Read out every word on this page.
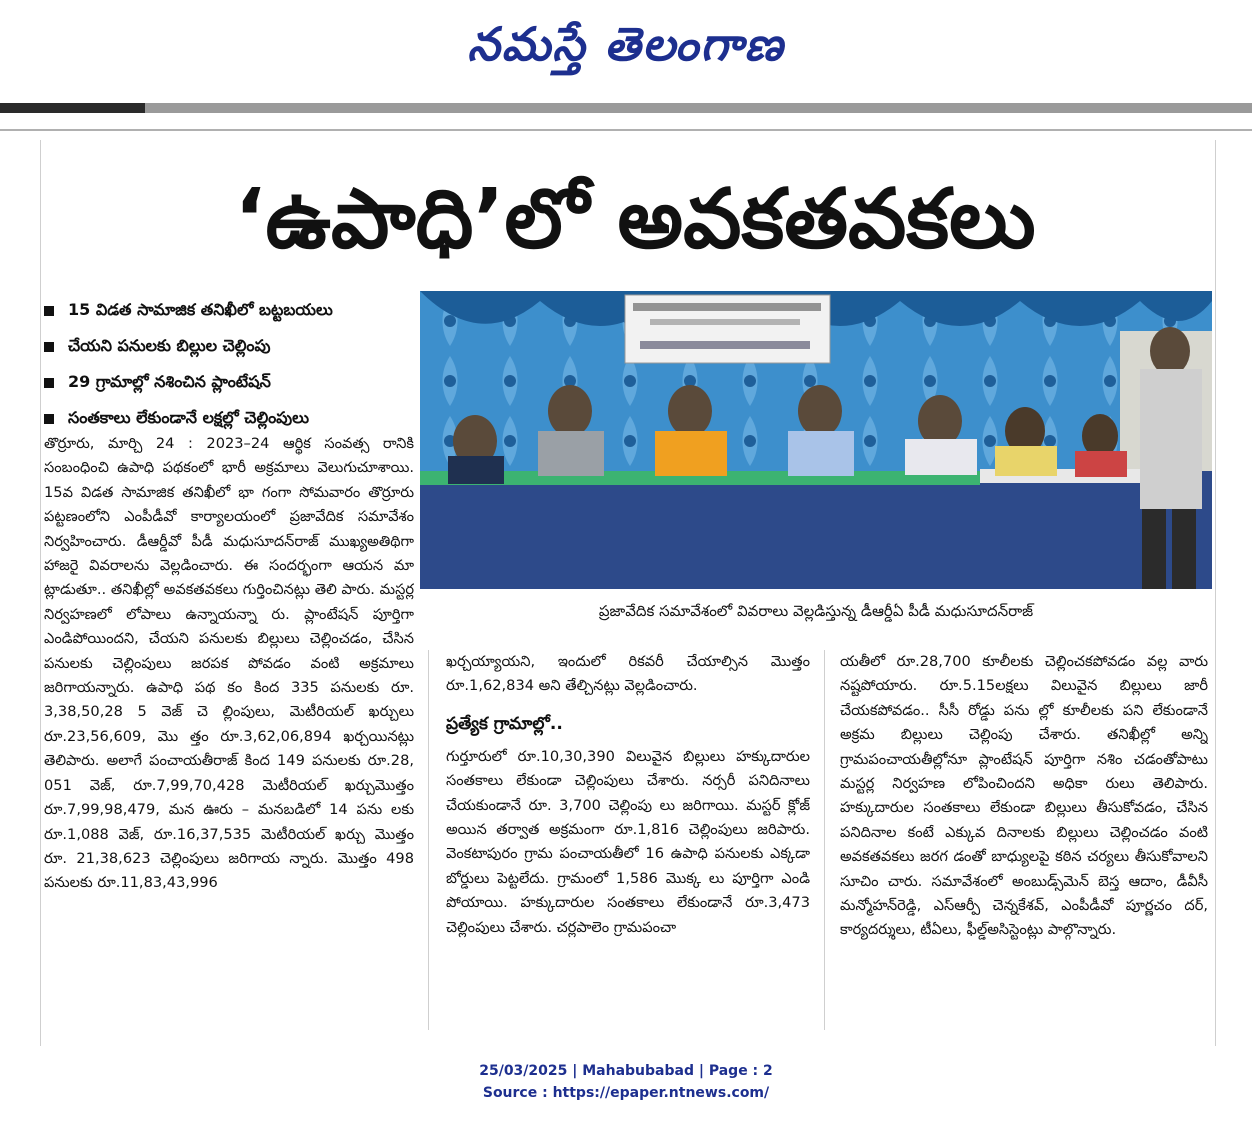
నమస్తే తెలంగాణ
‘ఉపాధి’లో అవకతవకలు
15 విడత సామాజిక తనిఖీలో బట్టబయలు
చేయని పనులకు బిల్లుల చెల్లింపు
29 గ్రామాల్లో నశించిన ప్లాంటేషన్
సంతకాలు లేకుండానే లక్షల్లో చెల్లింపులు
ప్రజావేదిక సమావేశంలో వివరాలు వెల్లడిస్తున్న డీఆర్డీఏ పీడీ మధుసూదన్‌రాజ్

తొర్రూరు, మార్చి 24 : 2023–24 ఆర్థిక సంవత్స రానికి సంబంధించి ఉపాధి పథకంలో భారీ అక్రమాలు వెలుగుచూశాయి. 15వ విడత సామాజిక తనిఖీలో భా గంగా సోమవారం తొర్రూరు పట్టణంలోని ఎంపీడీవో కార్యాలయంలో ప్రజావేదిక సమావేశం నిర్వహించారు. డీఆర్డీవో పీడీ మధుసూదన్‌రాజ్ ముఖ్యఅతిథిగా హాజరై వివరాలను వెల్లడించారు. ఈ సందర్భంగా ఆయన మా ట్లాడుతూ.. తనిఖీల్లో అవకతవకలు గుర్తించినట్లు తెలి పారు. మస్టర్ల నిర్వహణలో లోపాలు ఉన్నాయన్నా రు. ప్లాంటేషన్ పూర్తిగా ఎండిపోయిందని, చేయని పనులకు బిల్లులు చెల్లించడం, చేసిన పనులకు చెల్లింపులు జరపక పోవడం వంటి అక్రమాలు జరిగాయన్నారు. ఉపాధి పథ కం కింద 335 పనులకు రూ. 3,38,50,28 5 వెజ్ చె ల్లింపులు, మెటీరియల్ ఖర్చులు రూ.23,56,609, మొ త్తం రూ.3,62,06,894 ఖర్చయినట్లు తెలిపారు. అలాగే పంచాయతీరాజ్ కింద 149 పనులకు రూ.28, 051 వెజ్, రూ.7,99,70,428 మెటీరియల్ ఖర్చుమొత్తం రూ.7,99,98,479, మన ఊరు – మనబడిలో 14 పను లకు రూ.1,088 వెజ్, రూ.16,37,535 మెటీరియల్ ఖర్చు మొత్తం రూ. 21,38,623 చెల్లింపులు జరిగాయ న్నారు. మొత్తం 498 పనులకు రూ.11,83,43,996

ఖర్చయ్యాయని, ఇందులో రికవరీ చేయాల్సిన మొత్తం రూ.1,62,834 అని తేల్చినట్లు వెల్లడించారు.

ప్రత్యేక గ్రామాల్లో..

గుర్తూరులో రూ.10,30,390 విలువైన బిల్లులు హక్కుదారుల సంతకాలు లేకుండా చెల్లింపులు చేశారు. నర్సరీ పనిదినాలు చేయకుండానే రూ. 3,700 చెల్లింపు లు జరిగాయి. మస్టర్ క్లోజ్ అయిన తర్వాత అక్రమంగా రూ.1,816 చెల్లింపులు జరిపారు. వెంకటాపురం గ్రామ పంచాయతీలో 16 ఉపాధి పనులకు ఎక్కడా బోర్డులు పెట్టలేదు. గ్రామంలో 1,586 మొక్క లు పూర్తిగా ఎండి పోయాయి. హక్కుదారుల సంతకాలు లేకుండానే రూ.3,473 చెల్లింపులు చేశారు. చర్లపాలెం గ్రామపంచా

యతీలో రూ.28,700 కూలీలకు చెల్లించకపోవడం వల్ల వారు నష్టపోయారు. రూ.5.15లక్షలు విలువైన బిల్లులు జారీ చేయకపోవడం.. సీసీ రోడ్డు పను ల్లో కూలీలకు పని లేకుండానే అక్రమ బిల్లులు చెల్లింపు చేశారు. తనిఖీల్లో అన్ని గ్రామపంచాయతీల్లోనూ ప్లాంటేషన్ పూర్తిగా నశిం చడంతోపాటు మస్టర్ల నిర్వహణ లోపించిందని అధికా రులు తెలిపారు. హక్కుదారుల సంతకాలు లేకుండా బిల్లులు తీసుకోవడం, చేసిన పనిదినాల కంటే ఎక్కువ దినాలకు బిల్లులు చెల్లించడం వంటి అవకతవకలు జరగ డంతో బాధ్యులపై కఠిన చర్యలు తీసుకోవాలని సూచిం చారు. సమావేశంలో అంబుడ్స్‌మెన్ బెస్త ఆదాం, డీవీసీ మన్మోహన్‌రెడ్డి, ఎస్ఆర్పీ చెన్నకేశవ్, ఎంపీడీవో పూర్ణచం దర్, కార్యదర్శులు, టీఏలు, ఫీల్డ్‌అసిస్టెంట్లు పాల్గొన్నారు.

25/03/2025 | Mahabubabad | Page : 2
Source : https://epaper.ntnews.com/
